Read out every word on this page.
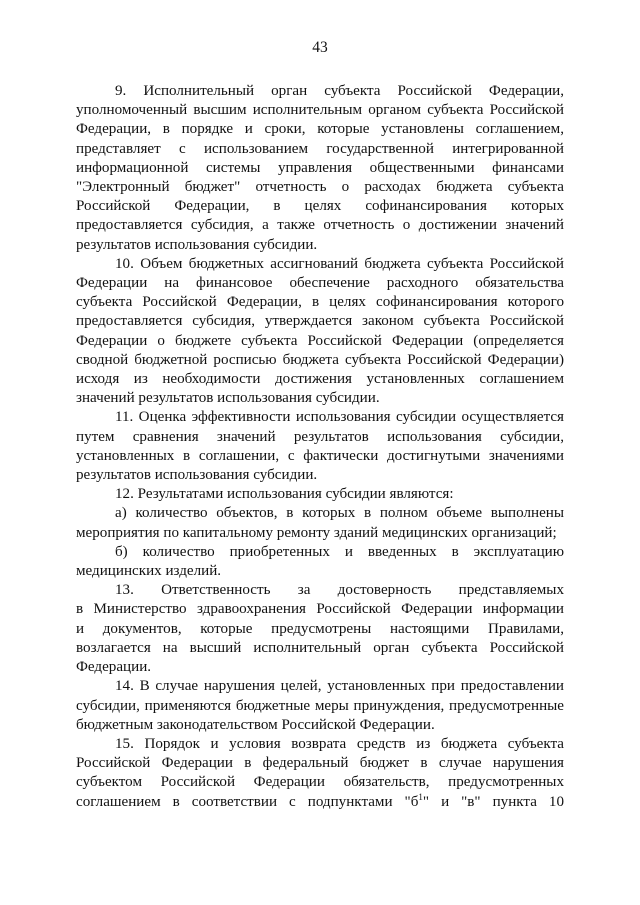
43
9. Исполнительный орган субъекта Российской Федерации,
уполномоченный высшим исполнительным органом субъекта Российской
Федерации, в порядке и сроки, которые установлены соглашением,
представляет с использованием государственной интегрированной
информационной системы управления общественными финансами
"Электронный бюджет" отчетность о расходах бюджета субъекта
Российской Федерации, в целях софинансирования которых
предоставляется субсидия, а также отчетность о достижении значений
результатов использования субсидии.
10. Объем бюджетных ассигнований бюджета субъекта Российской
Федерации на финансовое обеспечение расходного обязательства
субъекта Российской Федерации, в целях софинансирования которого
предоставляется субсидия, утверждается законом субъекта Российской
Федерации о бюджете субъекта Российской Федерации (определяется
сводной бюджетной росписью бюджета субъекта Российской Федерации)
исходя из необходимости достижения установленных соглашением
значений результатов использования субсидии.
11. Оценка эффективности использования субсидии осуществляется
путем сравнения значений результатов использования субсидии,
установленных в соглашении, с фактически достигнутыми значениями
результатов использования субсидии.
12. Результатами использования субсидии являются:
а) количество объектов, в которых в полном объеме выполнены
мероприятия по капитальному ремонту зданий медицинских организаций;
б) количество приобретенных и введенных в эксплуатацию
медицинских изделий.
13. Ответственность за достоверность представляемых
в Министерство здравоохранения Российской Федерации информации
и документов, которые предусмотрены настоящими Правилами,
возлагается на высший исполнительный орган субъекта Российской
Федерации.
14. В случае нарушения целей, установленных при предоставлении
субсидии, применяются бюджетные меры принуждения, предусмотренные
бюджетным законодательством Российской Федерации.
15. Порядок и условия возврата средств из бюджета субъекта
Российской Федерации в федеральный бюджет в случае нарушения
субъектом Российской Федерации обязательств, предусмотренных
соглашением в соответствии с подпунктами "$б^1$" и "в" пункта 10
